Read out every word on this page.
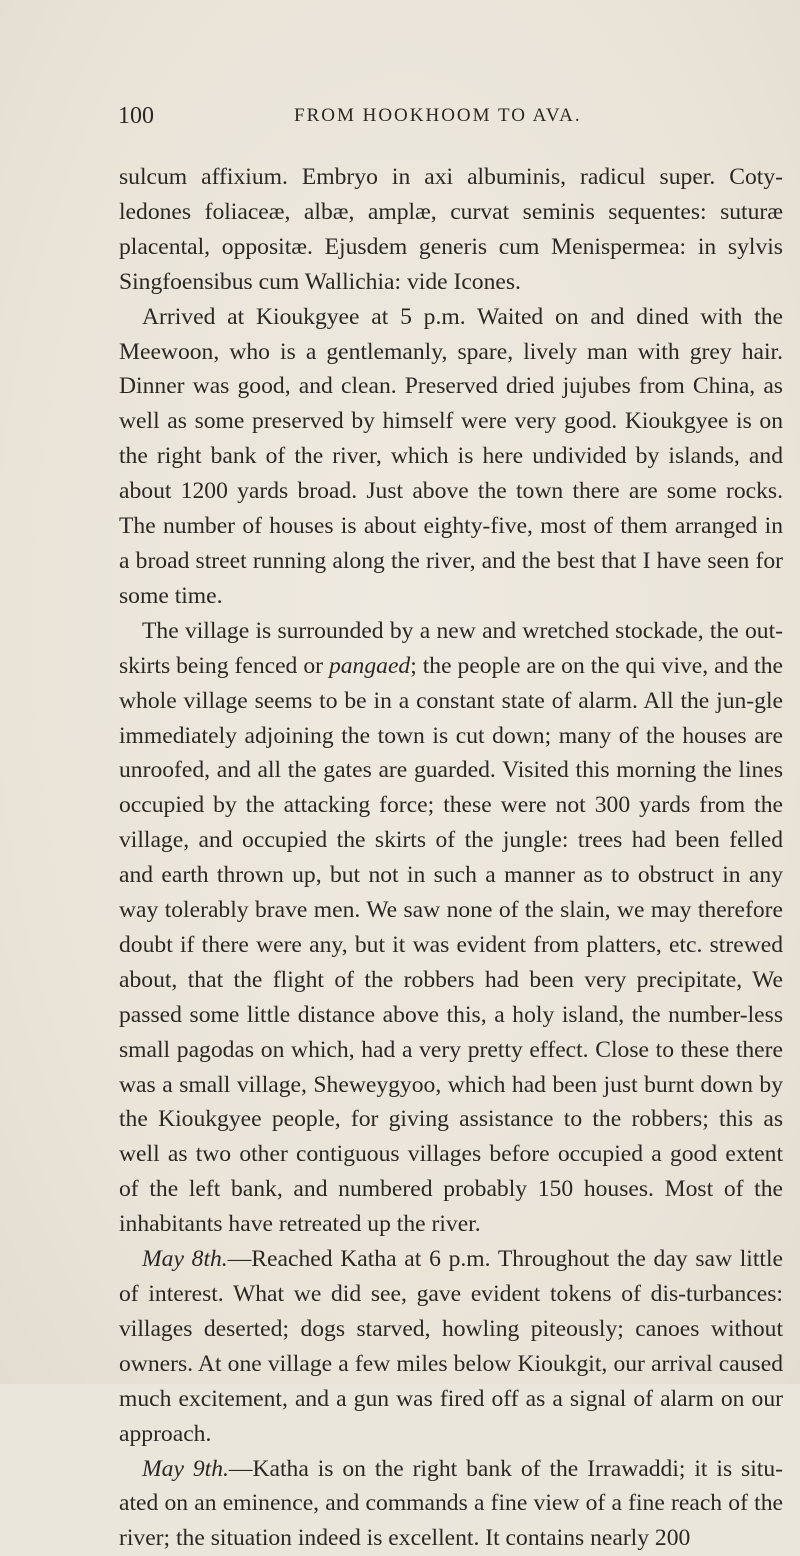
100	FROM HOOKHOOM TO AVA.

sulcum affixium. Embryo in axi albuminis, radicul super. Coty-ledones foliaceæ, albæ, amplæ, curvat seminis sequentes: suturæ placental, oppositæ. Ejusdem generis cum Menispermea: in sylvis Singfoensibus cum Wallichia: vide Icones.

Arrived at Kioukgyee at 5 p.m. Waited on and dined with the Meewoon, who is a gentlemanly, spare, lively man with grey hair. Dinner was good, and clean. Preserved dried jujubes from China, as well as some preserved by himself were very good. Kioukgyee is on the right bank of the river, which is here undivided by islands, and about 1200 yards broad. Just above the town there are some rocks. The number of houses is about eighty-five, most of them arranged in a broad street running along the river, and the best that I have seen for some time.

The village is surrounded by a new and wretched stockade, the out-skirts being fenced or pangaed; the people are on the qui vive, and the whole village seems to be in a constant state of alarm. All the jun-gle immediately adjoining the town is cut down; many of the houses are unroofed, and all the gates are guarded. Visited this morning the lines occupied by the attacking force; these were not 300 yards from the village, and occupied the skirts of the jungle: trees had been felled and earth thrown up, but not in such a manner as to obstruct in any way tolerably brave men. We saw none of the slain, we may therefore doubt if there were any, but it was evident from platters, etc. strewed about, that the flight of the robbers had been very precipitate, We passed some little distance above this, a holy island, the number-less small pagodas on which, had a very pretty effect. Close to these there was a small village, Sheweygyoo, which had been just burnt down by the Kioukgyee people, for giving assistance to the robbers; this as well as two other contiguous villages before occupied a good extent of the left bank, and numbered probably 150 houses. Most of the inhabitants have retreated up the river.

May 8th.—Reached Katha at 6 p.m. Throughout the day saw little of interest. What we did see, gave evident tokens of dis-turbances: villages deserted; dogs starved, howling piteously; canoes without owners. At one village a few miles below Kioukgit, our arrival caused much excitement, and a gun was fired off as a signal of alarm on our approach.

May 9th.—Katha is on the right bank of the Irrawaddi; it is situ-ated on an eminence, and commands a fine view of a fine reach of the river; the situation indeed is excellent. It contains nearly 200
